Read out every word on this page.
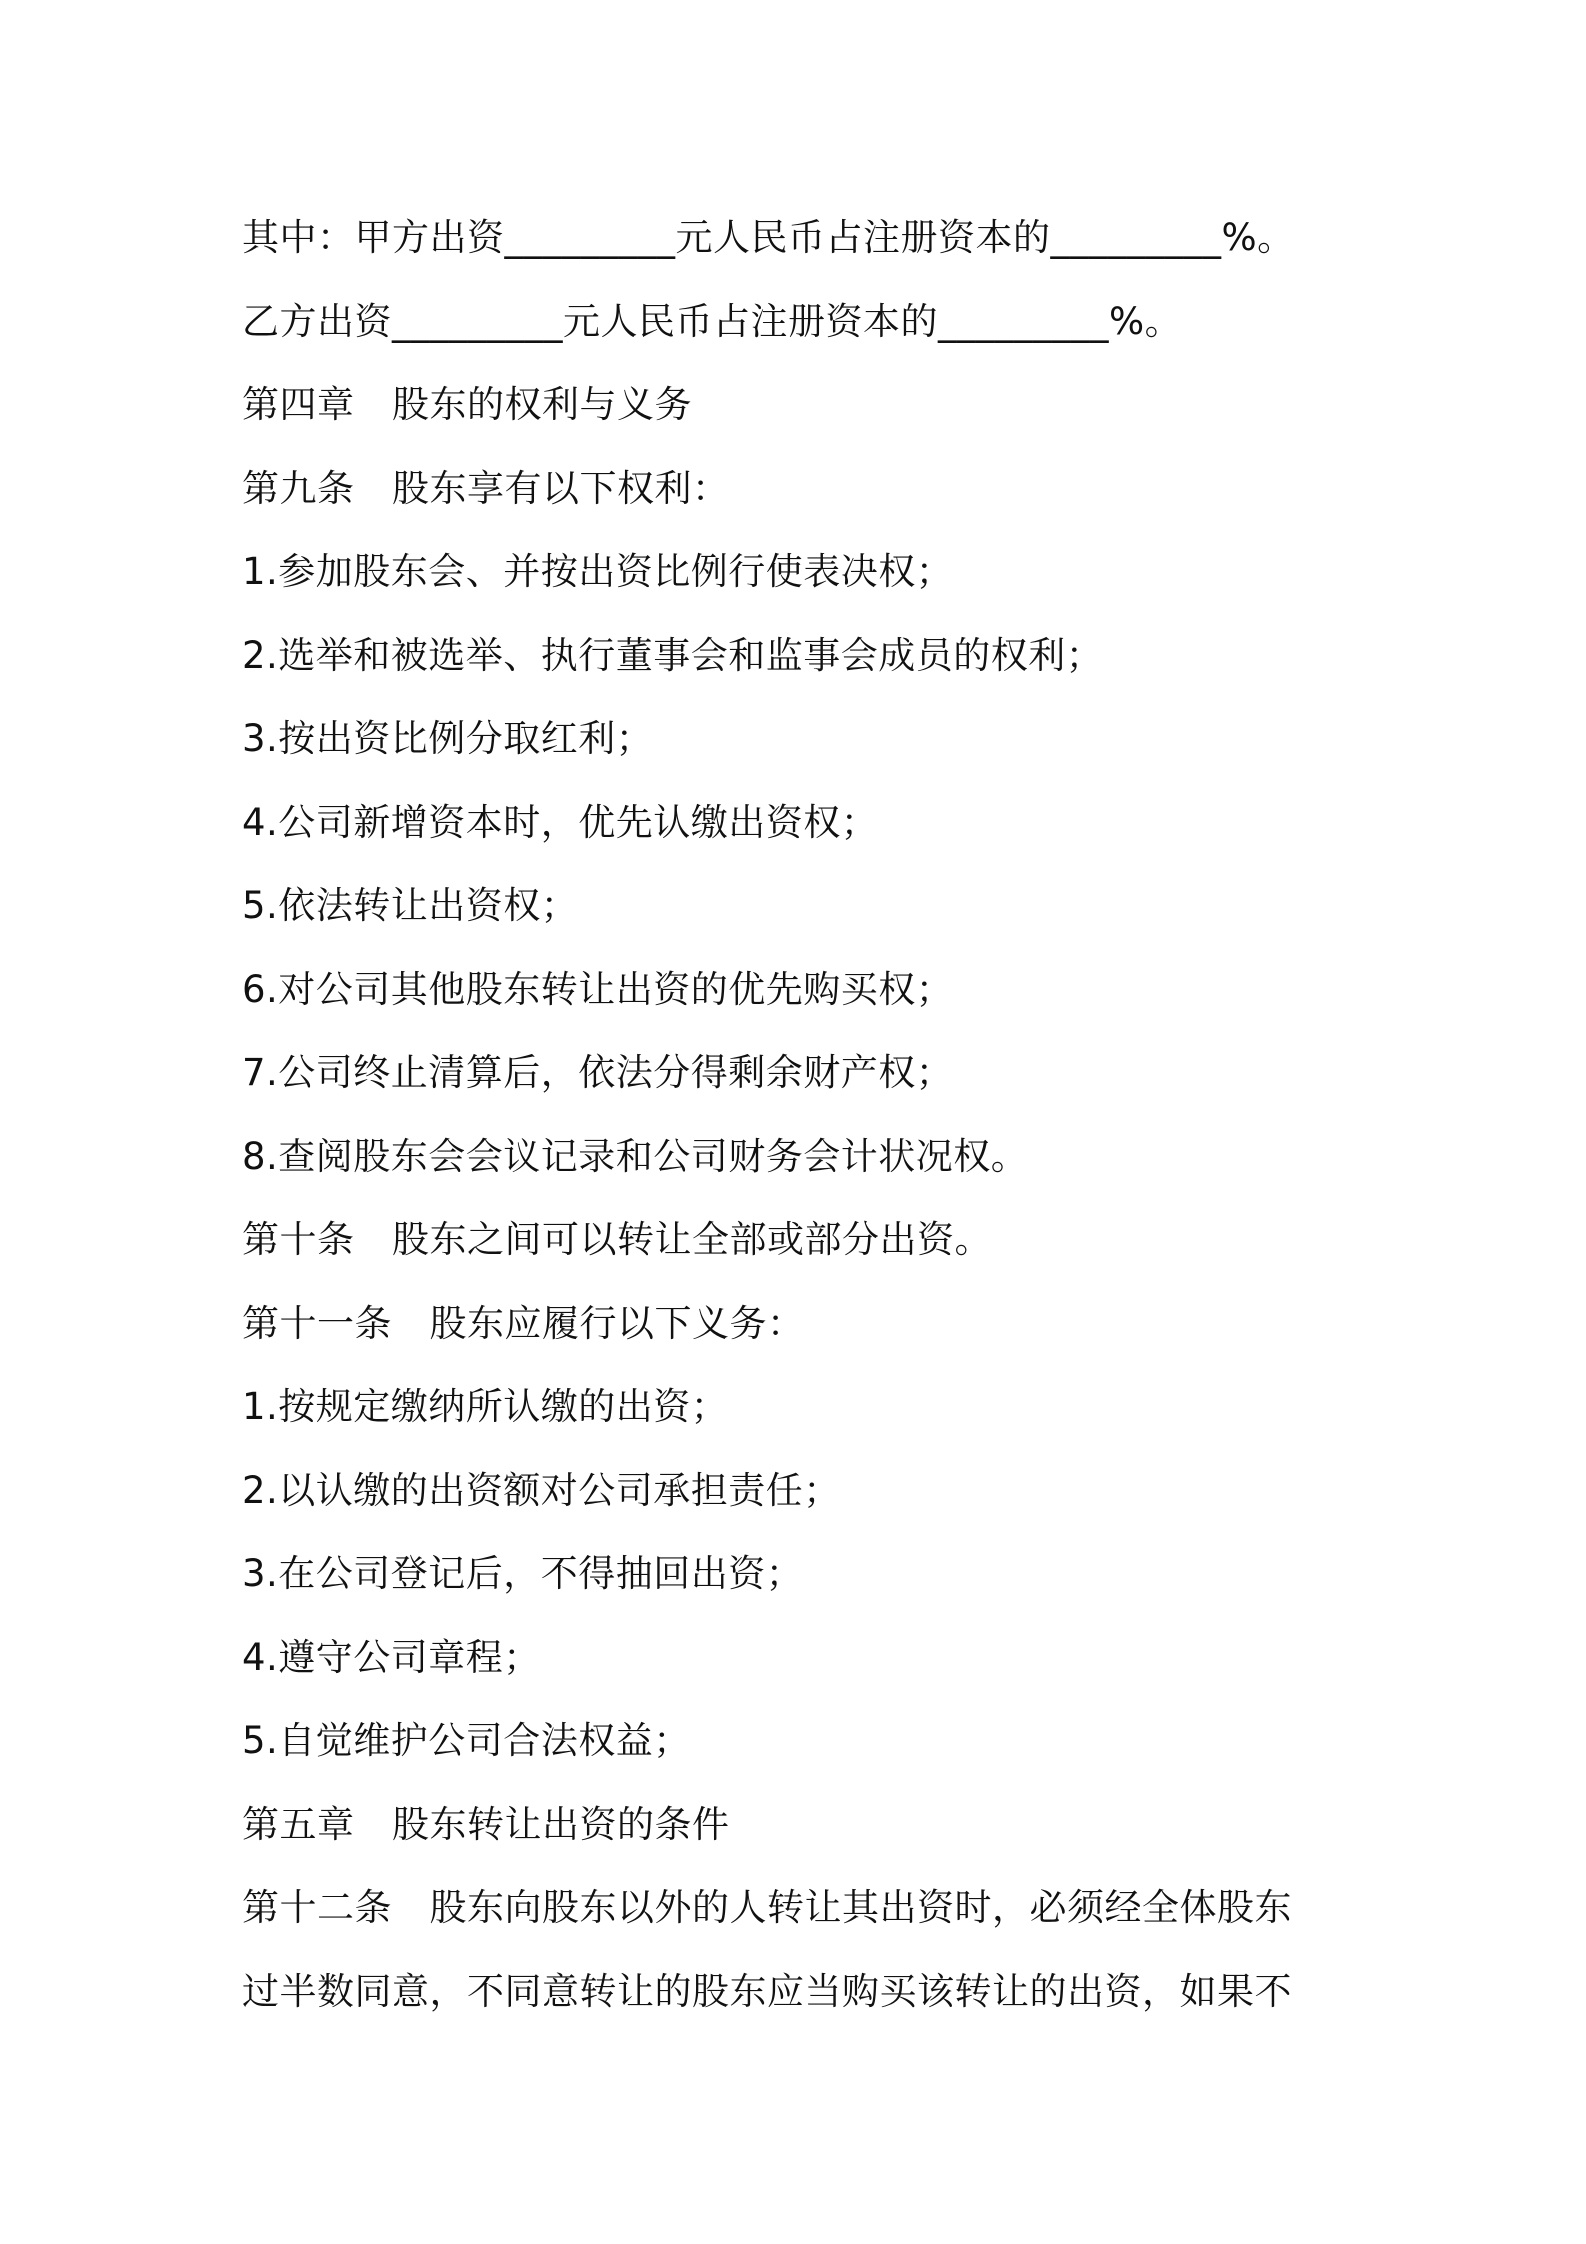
其中：甲方出资_________元人民币占注册资本的_________%。
乙方出资_________元人民币占注册资本的_________%。
第四章　股东的权利与义务
第九条　股东享有以下权利：
1.参加股东会、并按出资比例行使表决权；
2.选举和被选举、执行董事会和监事会成员的权利；
3.按出资比例分取红利；
4.公司新增资本时，优先认缴出资权；
5.依法转让出资权；
6.对公司其他股东转让出资的优先购买权；
7.公司终止清算后，依法分得剩余财产权；
8.查阅股东会会议记录和公司财务会计状况权。
第十条　股东之间可以转让全部或部分出资。
第十一条　股东应履行以下义务：
1.按规定缴纳所认缴的出资；
2.以认缴的出资额对公司承担责任；
3.在公司登记后，不得抽回出资；
4.遵守公司章程；
5.自觉维护公司合法权益；
第五章　股东转让出资的条件
第十二条　股东向股东以外的人转让其出资时，必须经全体股东
过半数同意，不同意转让的股东应当购买该转让的出资，如果不
